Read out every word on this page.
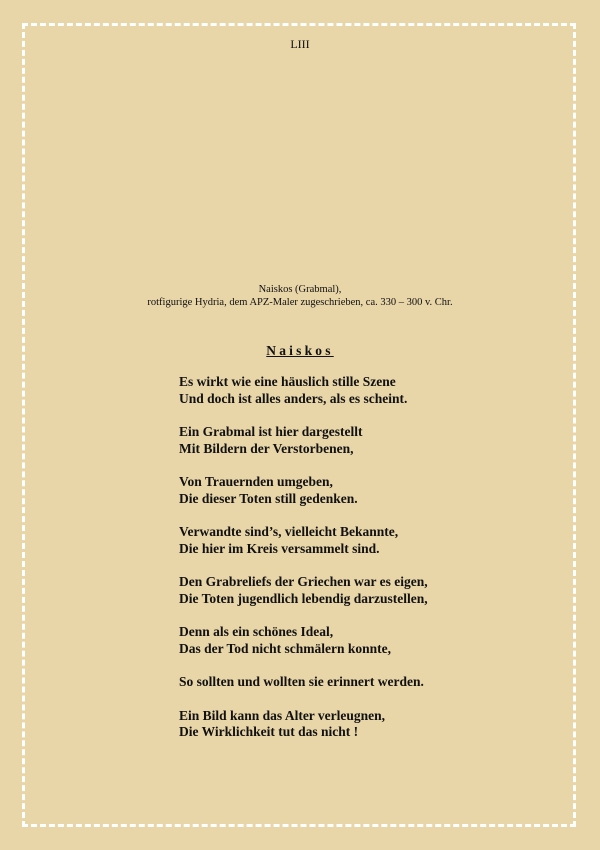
LIII
Naiskos (Grabmal),
rotfigurige Hydria, dem APZ-Maler zugeschrieben, ca. 330 – 300 v. Chr.
Naiskos
Es wirkt wie eine häuslich stille Szene
Und doch ist alles anders, als es scheint.
Ein Grabmal ist hier dargestellt
Mit Bildern der Verstorbenen,
Von Trauernden umgeben,
Die dieser Toten still gedenken.
Verwandte sind’s, vielleicht Bekannte,
Die hier im Kreis versammelt sind.
Den Grabreliefs der Griechen war es eigen,
Die Toten jugendlich lebendig darzustellen,
Denn als ein schönes Ideal,
Das der Tod nicht schmälern konnte,
So sollten und wollten sie erinnert werden.
Ein Bild kann das Alter verleugnen,
Die Wirklichkeit tut das nicht !
